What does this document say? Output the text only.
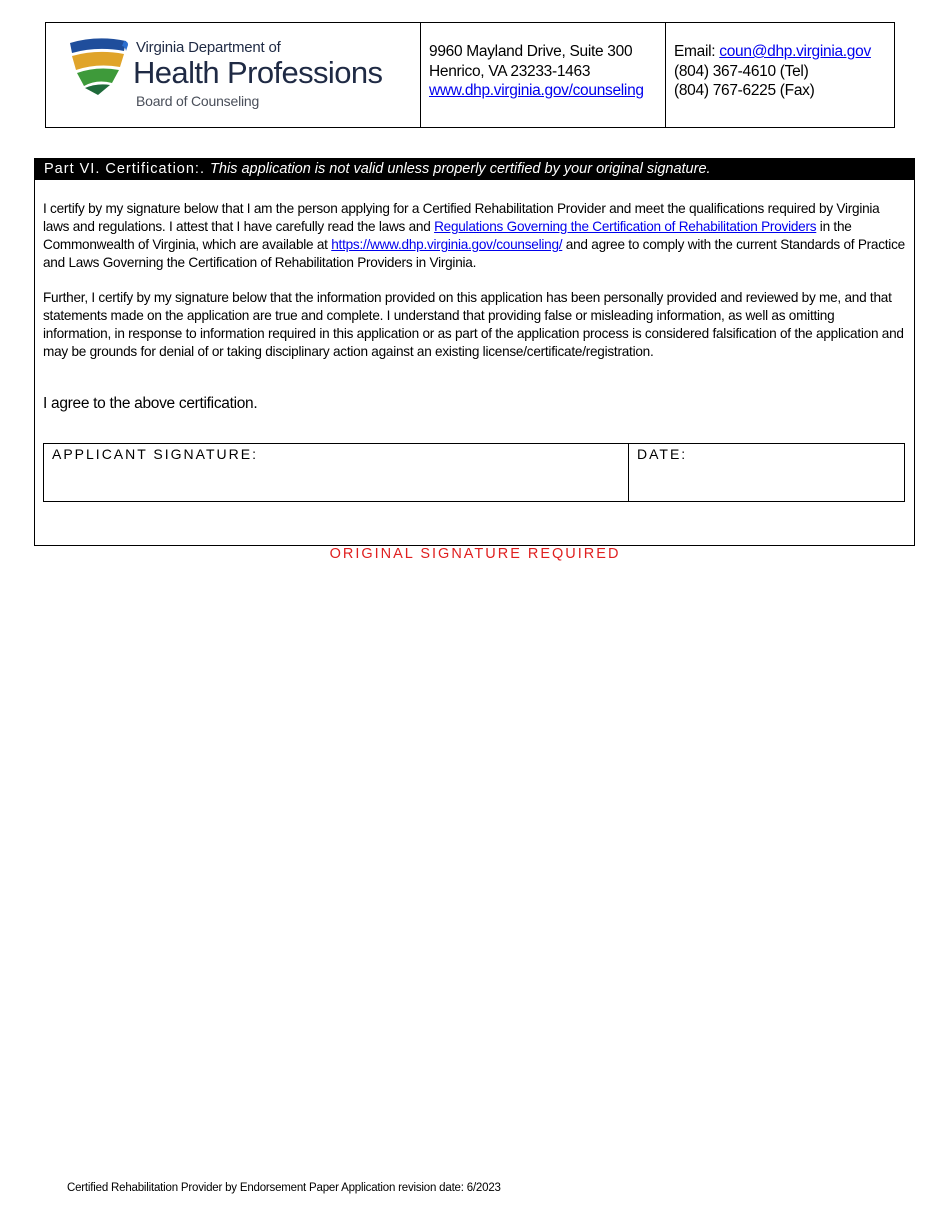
Virginia Department of
Health Professions
Board of Counseling
9960 Mayland Drive, Suite 300
Henrico, VA 23233-1463
www.dhp.virginia.gov/counseling
Email: coun@dhp.virginia.gov
(804) 367-4610 (Tel)
(804) 767-6225 (Fax)
Part VI. Certification:. This application is not valid unless properly certified by your original signature.
I certify by my signature below that I am the person applying for a Certified Rehabilitation Provider and meet the qualifications required by Virginia laws and regulations. I attest that I have carefully read the laws and Regulations Governing the Certification of Rehabilitation Providers in the Commonwealth of Virginia, which are available at https://www.dhp.virginia.gov/counseling/ and agree to comply with the current Standards of Practice and Laws Governing the Certification of Rehabilitation Providers in Virginia.
Further, I certify by my signature below that the information provided on this application has been personally provided and reviewed by me, and that statements made on the application are true and complete. I understand that providing false or misleading information, as well as omitting information, in response to information required in this application or as part of the application process is considered falsification of the application and may be grounds for denial of or taking disciplinary action against an existing license/certificate/registration.
I agree to the above certification.
APPLICANT SIGNATURE:	DATE:
ORIGINAL SIGNATURE REQUIRED
Certified Rehabilitation Provider by Endorsement Paper Application revision date: 6/2023
